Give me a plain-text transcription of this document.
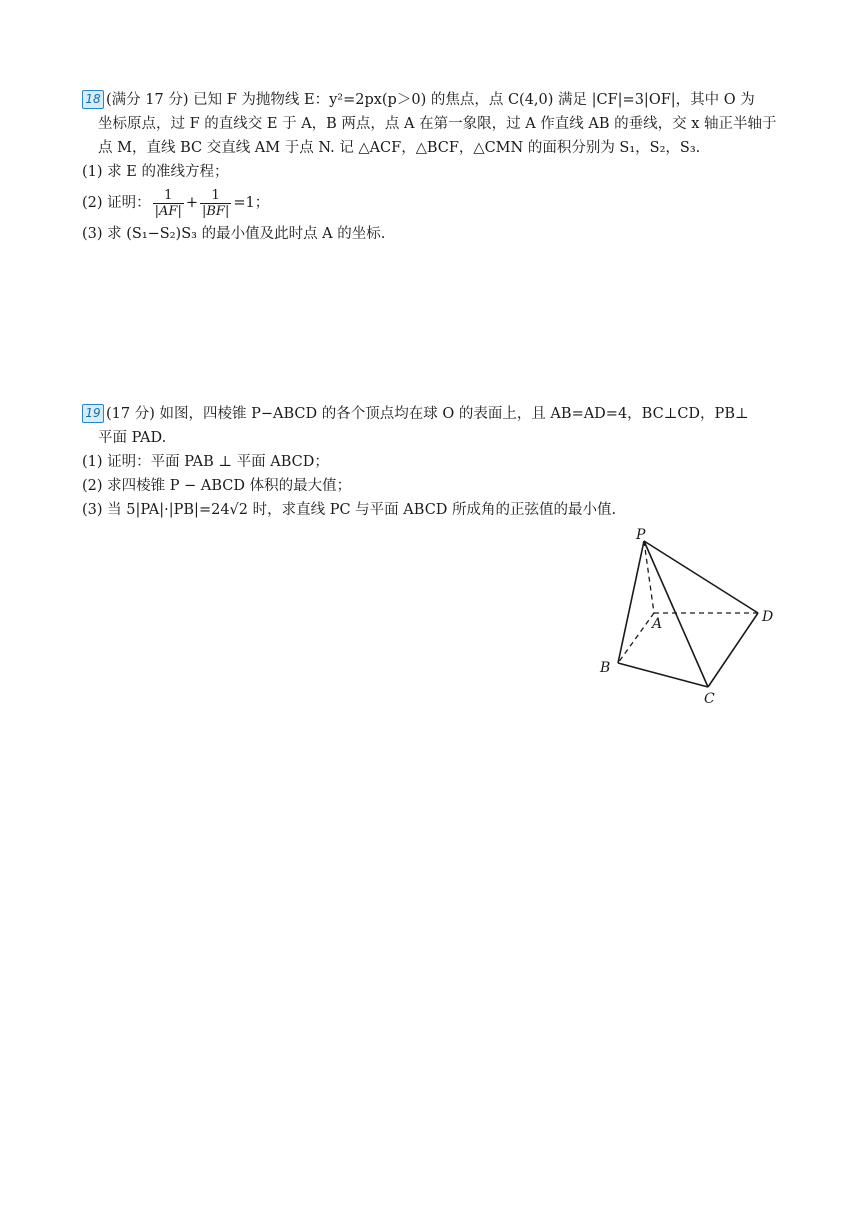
18 (满分 17 分) 已知 F 为抛物线 E：y²=2px(p＞0) 的焦点，点 C(4,0) 满足 |CF|=3|OF|，其中 O 为
坐标原点，过 F 的直线交 E 于 A，B 两点，点 A 在第一象限，过 A 作直线 AB 的垂线，交 x 轴正半轴于
点 M，直线 BC 交直线 AM 于点 N. 记 △ACF，△BCF，△CMN 的面积分别为 S₁，S₂，S₃.
(1) 求 E 的准线方程；
(2) 证明： $\frac{1}{|AF|} + \frac{1}{|BF|} =1$；
(3) 求 (S₁−S₂)S₃ 的最小值及此时点 A 的坐标.
19 (17 分) 如图，四棱锥 P−ABCD 的各个顶点均在球 O 的表面上，且 AB=AD=4，BC⊥CD，PB⊥
平面 PAD.
(1) 证明：平面 PAB ⊥ 平面 ABCD；
(2) 求四棱锥 P − ABCD 体积的最大值；
(3) 当 5|PA|·|PB|=24√2 时，求直线 PC 与平面 ABCD 所成角的正弦值的最小值.
P
A
B
C
D
